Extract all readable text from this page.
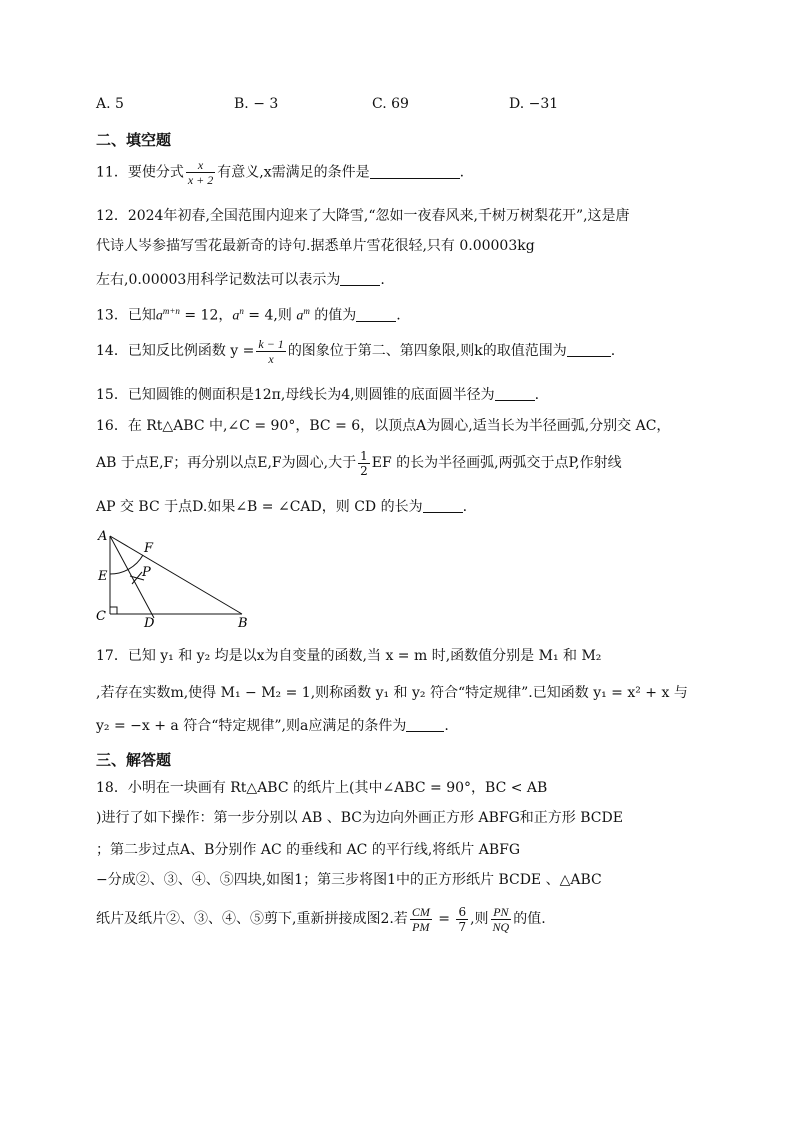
A. 5	B. − 3	C. 69	D. −31
二、填空题
11．要使分式 $\frac{x}{x + 2}$ 有意义,x需满足的条件是	.
12．2024年初春,全国范围内迎来了大降雪,“忽如一夜春风来,千树万树梨花开”,这是唐
代诗人岑参描写雪花最新奇的诗句.据悉单片雪花很轻,只有 0.00003kg
左右,0.00003用科学记数法可以表示为	.
13．已知$a^{m+n} = 12$，$a^n = 4$,则 $a^m$ 的值为	.
14．已知反比例函数 $y = \frac{k - 1}{x}$ 的图象位于第二、第四象限,则k的取值范围为	.
15．已知圆锥的侧面积是12π,母线长为4,则圆锥的底面圆半径为	.
16．在 Rt△ABC 中,∠C = 90°，BC = 6，以顶点A为圆心,适当长为半径画弧,分别交 AC，
AB 于点E,F；再分别以点E,F为圆心,大于 $\frac{1}{2}$ EF 的长为半径画弧,两弧交于点P,作射线
AP 交 BC 于点D.如果∠B = ∠CAD，则 CD 的长为	.
A
F
E	P
C	D	B
17．已知 y₁ 和 y₂ 均是以x为自变量的函数,当 x = m 时,函数值分别是 M₁ 和 M₂
,若存在实数m,使得 M₁ − M₂ = 1,则称函数 y₁ 和 y₂ 符合“特定规律”.已知函数 y₁ = x² + x 与
y₂ = −x + a 符合“特定规律”,则a应满足的条件为	.
三、解答题
18．小明在一块画有 Rt△ABC 的纸片上(其中∠ABC = 90°，BC < AB
)进行了如下操作：第一步分别以 AB 、BC为边向外画正方形 ABFG和正方形 BCDE
；第二步过点A、B分别作 AC 的垂线和 AC 的平行线,将纸片 ABFG
−分成②、③、④、⑤四块,如图1；第三步将图1中的正方形纸片 BCDE 、△ABC
纸片及纸片②、③、④、⑤剪下,重新拼接成图2.若 $\frac{CM}{PM} = \frac{6}{7}$ ,则 $\frac{PN}{NQ}$ 的值.
